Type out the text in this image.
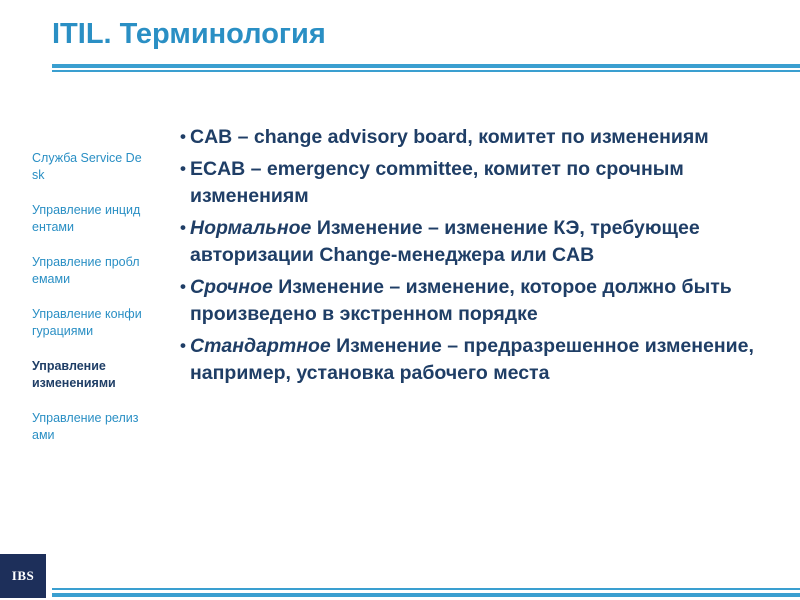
ITIL. Терминология
Служба Service Desk
Управление инцидентами
Управление проблемами
Управление конфигурациями
Управление изменениями
Управление релизами
• CAB – change advisory board, комитет по изменениям
• ECAB – emergency committee, комитет по срочным изменениям
• Нормальное Изменение – изменение КЭ, требующее авторизации Change-менеджера или CAB
• Срочное Изменение – изменение, которое должно быть произведено в экстренном порядке
• Стандартное Изменение – предразрешенное изменение, например, установка рабочего места
IBS
